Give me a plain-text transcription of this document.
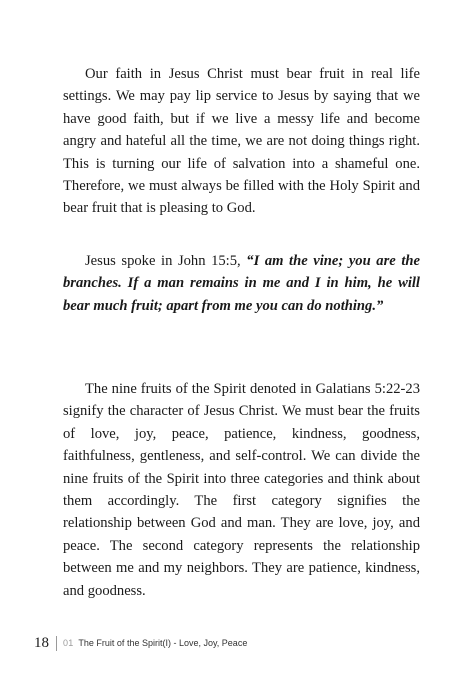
Our faith in Jesus Christ must bear fruit in real life settings. We may pay lip service to Jesus by saying that we have good faith, but if we live a messy life and become angry and hateful all the time, we are not doing things right. This is turning our life of salvation into a shameful one. Therefore, we must always be filled with the Holy Spirit and bear fruit that is pleasing to God.

Jesus spoke in John 15:5, “I am the vine; you are the branches. If a man remains in me and I in him, he will bear much fruit; apart from me you can do nothing.”

The nine fruits of the Spirit denoted in Galatians 5:22-23 signify the character of Jesus Christ. We must bear the fruits of love, joy, peace, patience, kindness, goodness, faithfulness, gentleness, and self-control. We can divide the nine fruits of the Spirit into three categories and think about them accordingly. The first category signifies the relationship between God and man. They are love, joy, and peace. The second category represents the relationship between me and my neighbors. They are patience, kindness, and goodness.

18 01 The Fruit of the Spirit(I) - Love, Joy, Peace
